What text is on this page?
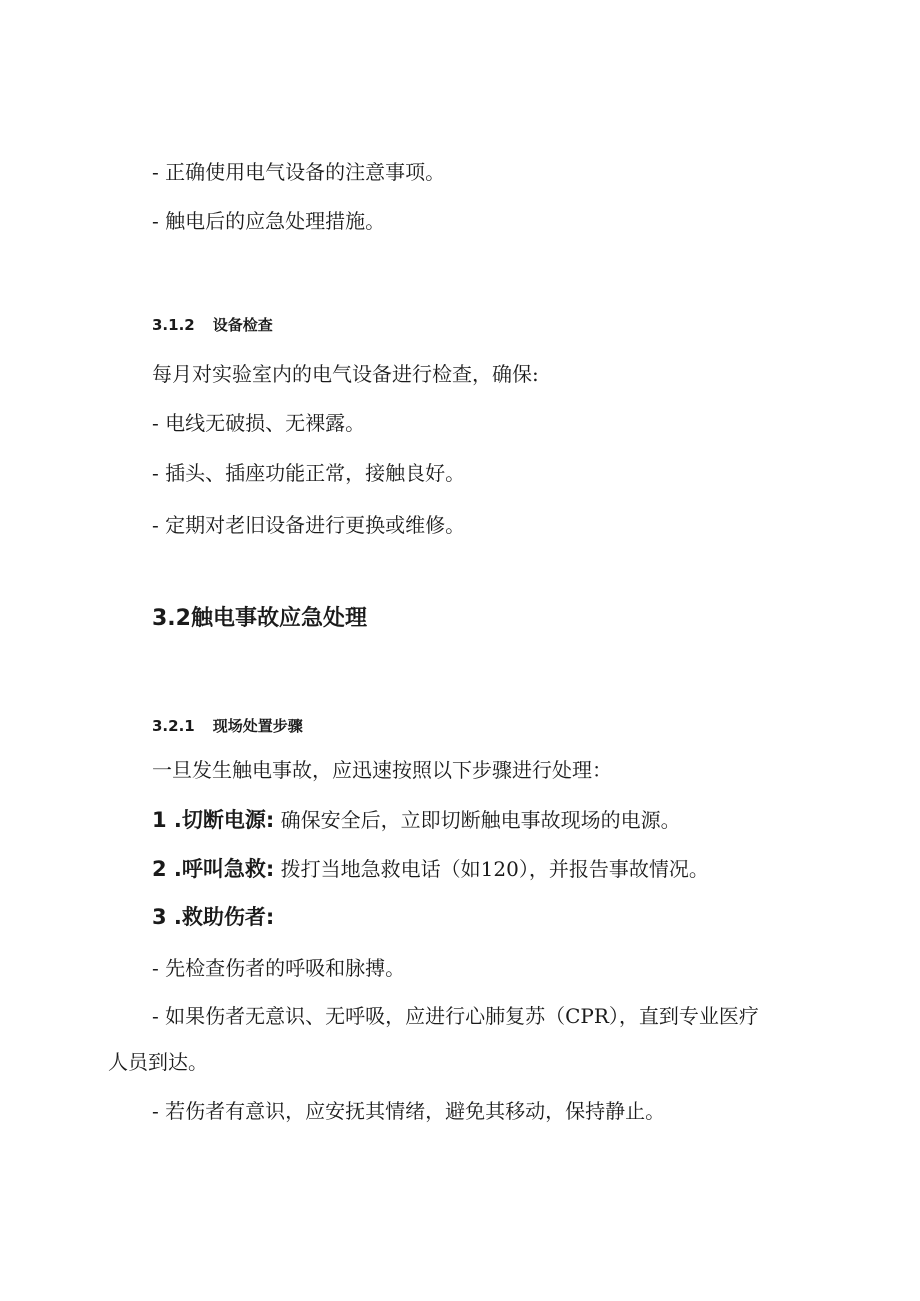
- 正确使用电气设备的注意事项。
- 触电后的应急处理措施。
3.1.2 设备检查
每月对实验室内的电气设备进行检查，确保:
- 电线无破损、无裸露。
- 插头、插座功能正常，接触良好。
- 定期对老旧设备进行更换或维修。
3.2触电事故应急处理
3.2.1 现场处置步骤
一旦发生触电事故，应迅速按照以下步骤进行处理：
1 .切断电源: 确保安全后，立即切断触电事故现场的电源。
2 .呼叫急救: 拨打当地急救电话（如120），并报告事故情况。
3 .救助伤者:
- 先检查伤者的呼吸和脉搏。
- 如果伤者无意识、无呼吸，应进行心肺复苏（CPR），直到专业医疗
人员到达。
- 若伤者有意识，应安抚其情绪，避免其移动，保持静止。
